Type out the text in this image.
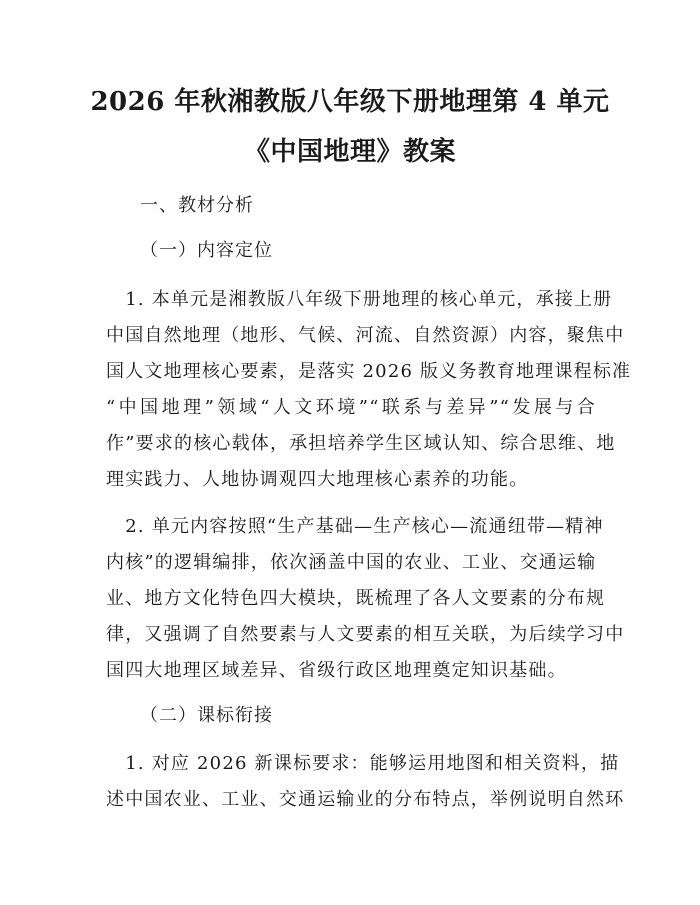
2026 年秋湘教版八年级下册地理第 4 单元
《中国地理》教案
一、教材分析
（一）内容定位
　1. 本单元是湘教版八年级下册地理的核心单元，承接上册
中国自然地理（地形、气候、河流、自然资源）内容，聚焦中
国人文地理核心要素，是落实 2026 版义务教育地理课程标准
“中国地理”领域“人文环境”“联系与差异”“发展与合
作”要求的核心载体，承担培养学生区域认知、综合思维、地
理实践力、人地协调观四大地理核心素养的功能。
　2. 单元内容按照“生产基础—生产核心—流通纽带—精神
内核”的逻辑编排，依次涵盖中国的农业、工业、交通运输
业、地方文化特色四大模块，既梳理了各人文要素的分布规
律，又强调了自然要素与人文要素的相互关联，为后续学习中
国四大地理区域差异、省级行政区地理奠定知识基础。
（二）课标衔接
　1. 对应 2026 新课标要求：能够运用地图和相关资料，描
述中国农业、工业、交通运输业的分布特点，举例说明自然环
